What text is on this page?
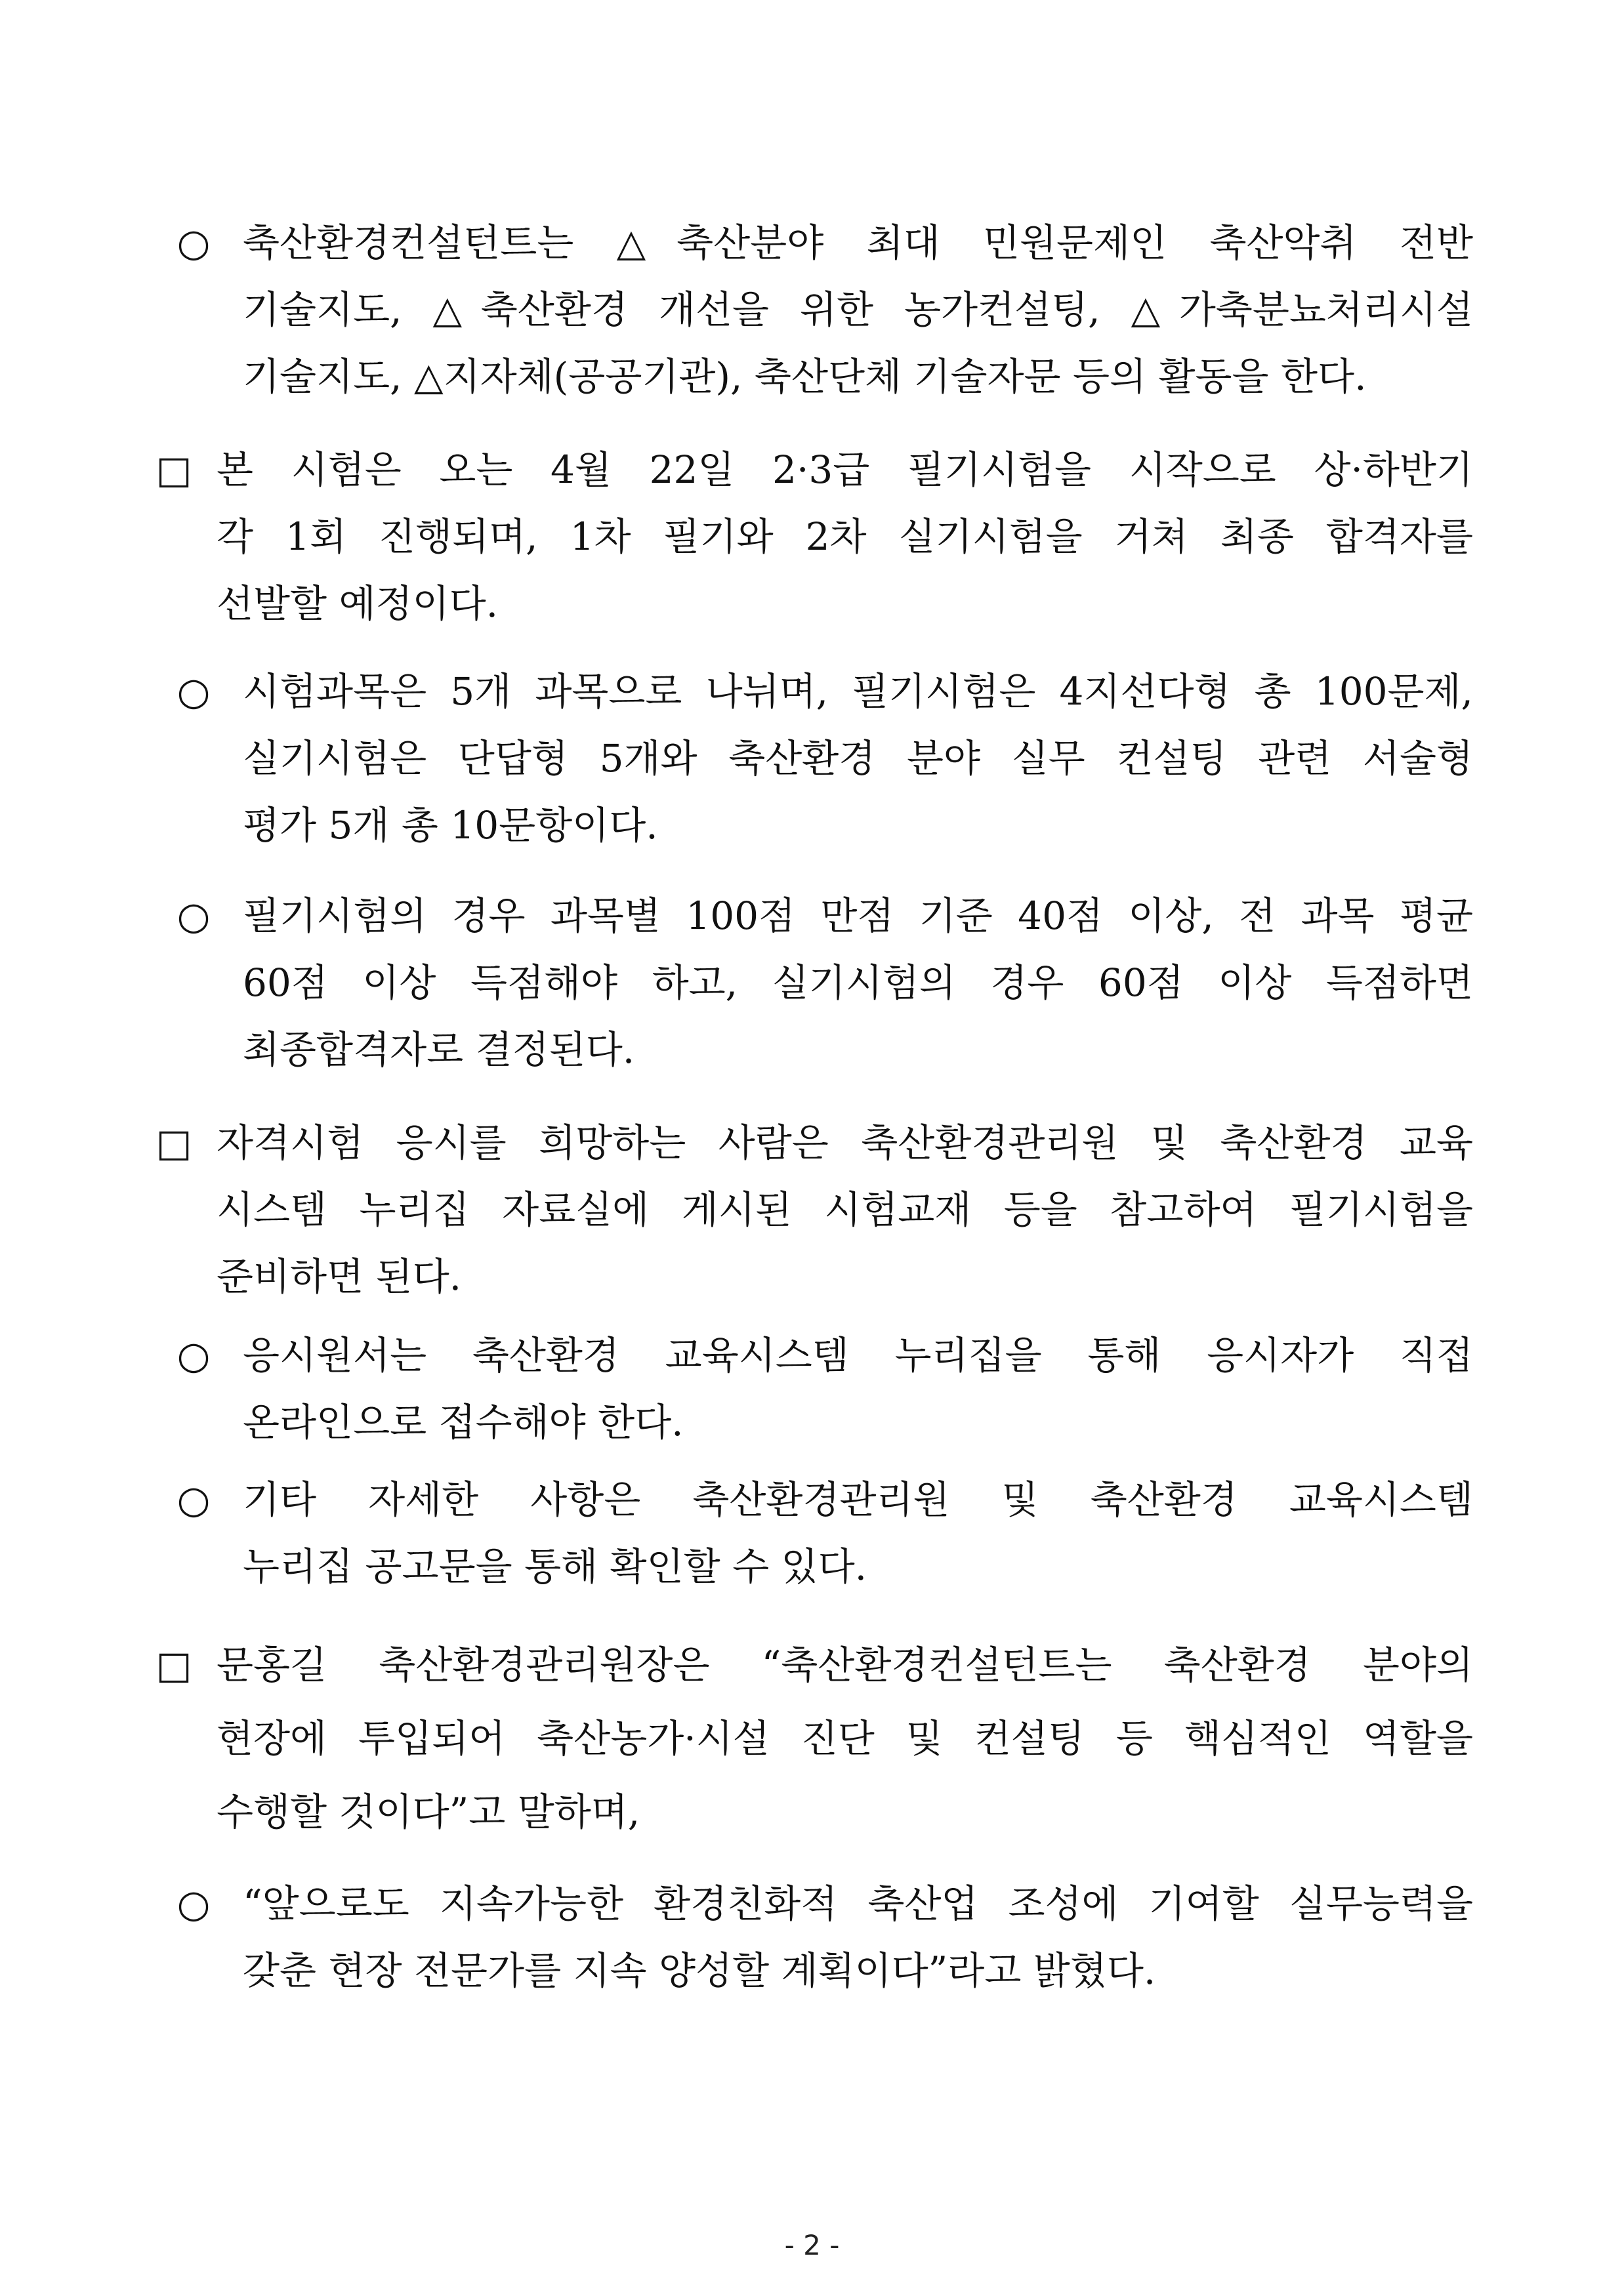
○ 축산환경컨설턴트는 △축산분야 최대 민원문제인 축산악취 전반
기술지도, △축산환경 개선을 위한 농가컨설팅, △가축분뇨처리시설
기술지도, △지자체(공공기관), 축산단체 기술자문 등의 활동을 한다.
□ 본 시험은 오는 4월 22일 2·3급 필기시험을 시작으로 상·하반기
각 1회 진행되며, 1차 필기와 2차 실기시험을 거쳐 최종 합격자를
선발할 예정이다.
○ 시험과목은 5개 과목으로 나뉘며, 필기시험은 4지선다형 총 100문제,
실기시험은 단답형 5개와 축산환경 분야 실무 컨설팅 관련 서술형
평가 5개 총 10문항이다.
○ 필기시험의 경우 과목별 100점 만점 기준 40점 이상, 전 과목 평균
60점 이상 득점해야 하고, 실기시험의 경우 60점 이상 득점하면
최종합격자로 결정된다.
□ 자격시험 응시를 희망하는 사람은 축산환경관리원 및 축산환경 교육
시스템 누리집 자료실에 게시된 시험교재 등을 참고하여 필기시험을
준비하면 된다.
○ 응시원서는 축산환경 교육시스템 누리집을 통해 응시자가 직접
온라인으로 접수해야 한다.
○ 기타 자세한 사항은 축산환경관리원 및 축산환경 교육시스템
누리집 공고문을 통해 확인할 수 있다.
□ 문홍길 축산환경관리원장은 “축산환경컨설턴트는 축산환경 분야의
현장에 투입되어 축산농가·시설 진단 및 컨설팅 등 핵심적인 역할을
수행할 것이다”고 말하며,
○ “앞으로도 지속가능한 환경친화적 축산업 조성에 기여할 실무능력을
갖춘 현장 전문가를 지속 양성할 계획이다”라고 밝혔다.
- 2 -
